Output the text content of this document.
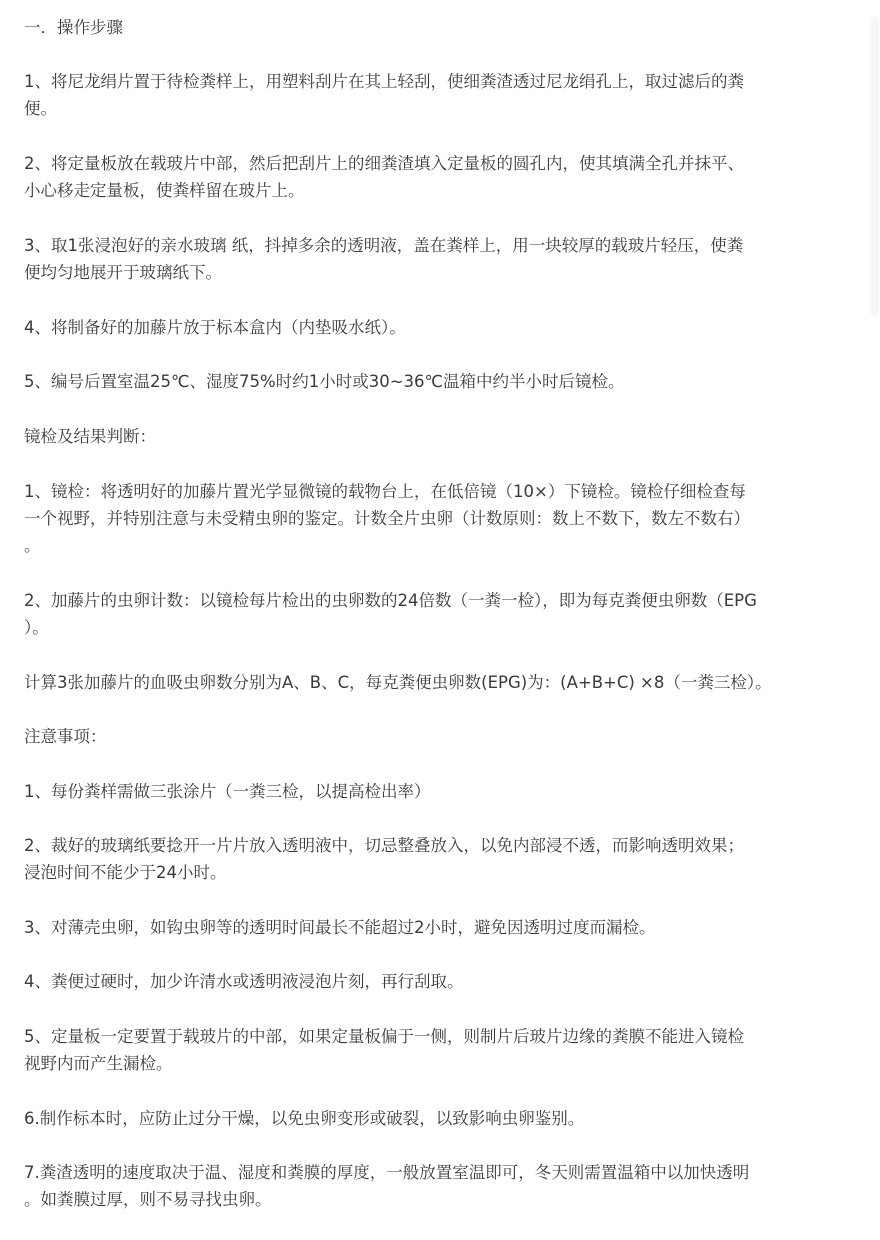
一．操作步骤
1、将尼龙绢片置于待检粪样上，用塑料刮片在其上轻刮，使细粪渣透过尼龙绢孔上，取过滤后的粪
便。
2、将定量板放在载玻片中部，然后把刮片上的细粪渣填入定量板的圆孔内，使其填满全孔并抹平、
小心移走定量板，使粪样留在玻片上。
3、取1张浸泡好的亲水玻璃 纸，抖掉多余的透明液，盖在粪样上，用一块较厚的载玻片轻压，使粪
便均匀地展开于玻璃纸下。
4、将制备好的加藤片放于标本盒内（内垫吸水纸）。
5、编号后置室温25℃、湿度75%时约1小时或30~36℃温箱中约半小时后镜检。
镜检及结果判断：
1、镜检：将透明好的加藤片置光学显微镜的载物台上，在低倍镜（10×）下镜检。镜检仔细检查每
一个视野，并特别注意与未受精虫卵的鉴定。计数全片虫卵（计数原则：数上不数下，数左不数右）
。
2、加藤片的虫卵计数：以镜检每片检出的虫卵数的24倍数（一粪一检），即为每克粪便虫卵数（EPG
）。
计算3张加藤片的血吸虫卵数分别为A、B、C，每克粪便虫卵数(EPG)为：(A+B+C) ×8（一粪三检）。
注意事项：
1、每份粪样需做三张涂片（一粪三检，以提高检出率）
2、裁好的玻璃纸要捻开一片片放入透明液中，切忌整叠放入，以免内部浸不透，而影响透明效果；
浸泡时间不能少于24小时。
3、对薄壳虫卵，如钩虫卵等的透明时间最长不能超过2小时，避免因透明过度而漏检。
4、粪便过硬时，加少许清水或透明液浸泡片刻，再行刮取。
5、定量板一定要置于载玻片的中部，如果定量板偏于一侧，则制片后玻片边缘的粪膜不能进入镜检
视野内而产生漏检。
6.制作标本时，应防止过分干燥，以免虫卵变形或破裂，以致影响虫卵鉴别。
7.粪渣透明的速度取决于温、湿度和粪膜的厚度，一般放置室温即可，冬天则需置温箱中以加快透明
。如粪膜过厚，则不易寻找虫卵。
